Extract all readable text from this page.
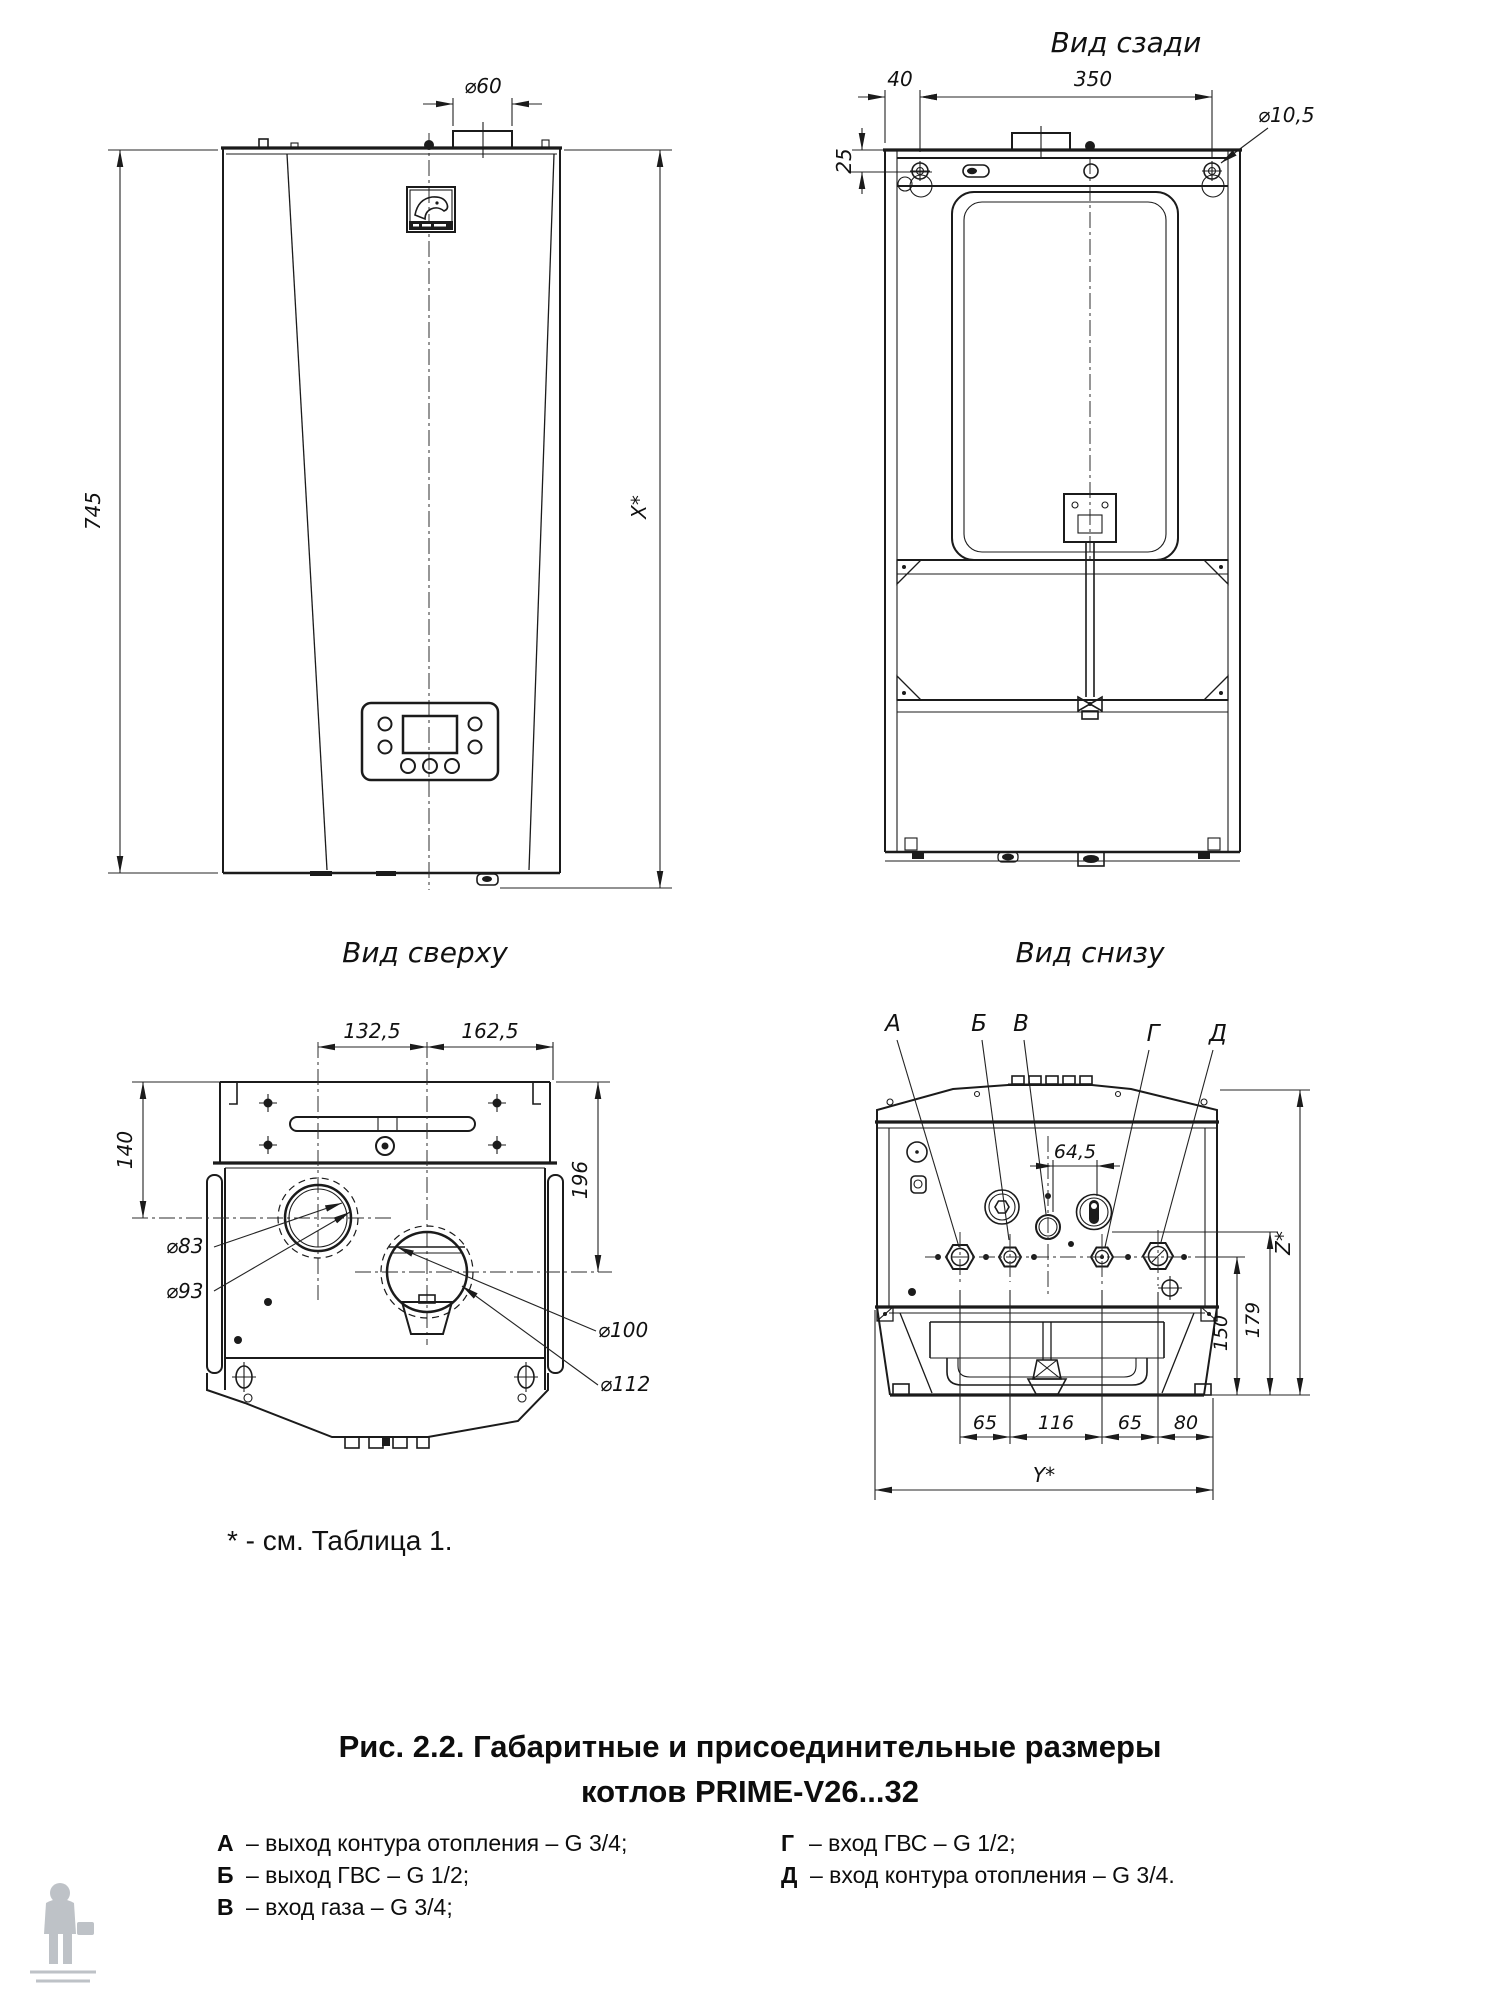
745
⌀60
X*
Вид сзади
40	350
25
⌀10,5
Вид сверху
132,5	162,5
140
196
⌀83
⌀93
⌀100
⌀112
Вид снизу
А	Б В	Г Д
64,5
150 179
Z*
65 116 65 80
Y*
* - см. Таблица 1.
Рис. 2.2. Габаритные и присоединительные размеры
котлов PRIME-V26...32
А – выход контура отопления – G 3/4;
Б – выход ГВС – G 1/2;
В – вход газа – G 3/4;
Г – вход ГВС – G 1/2;
Д – вход контура отопления – G 3/4.
